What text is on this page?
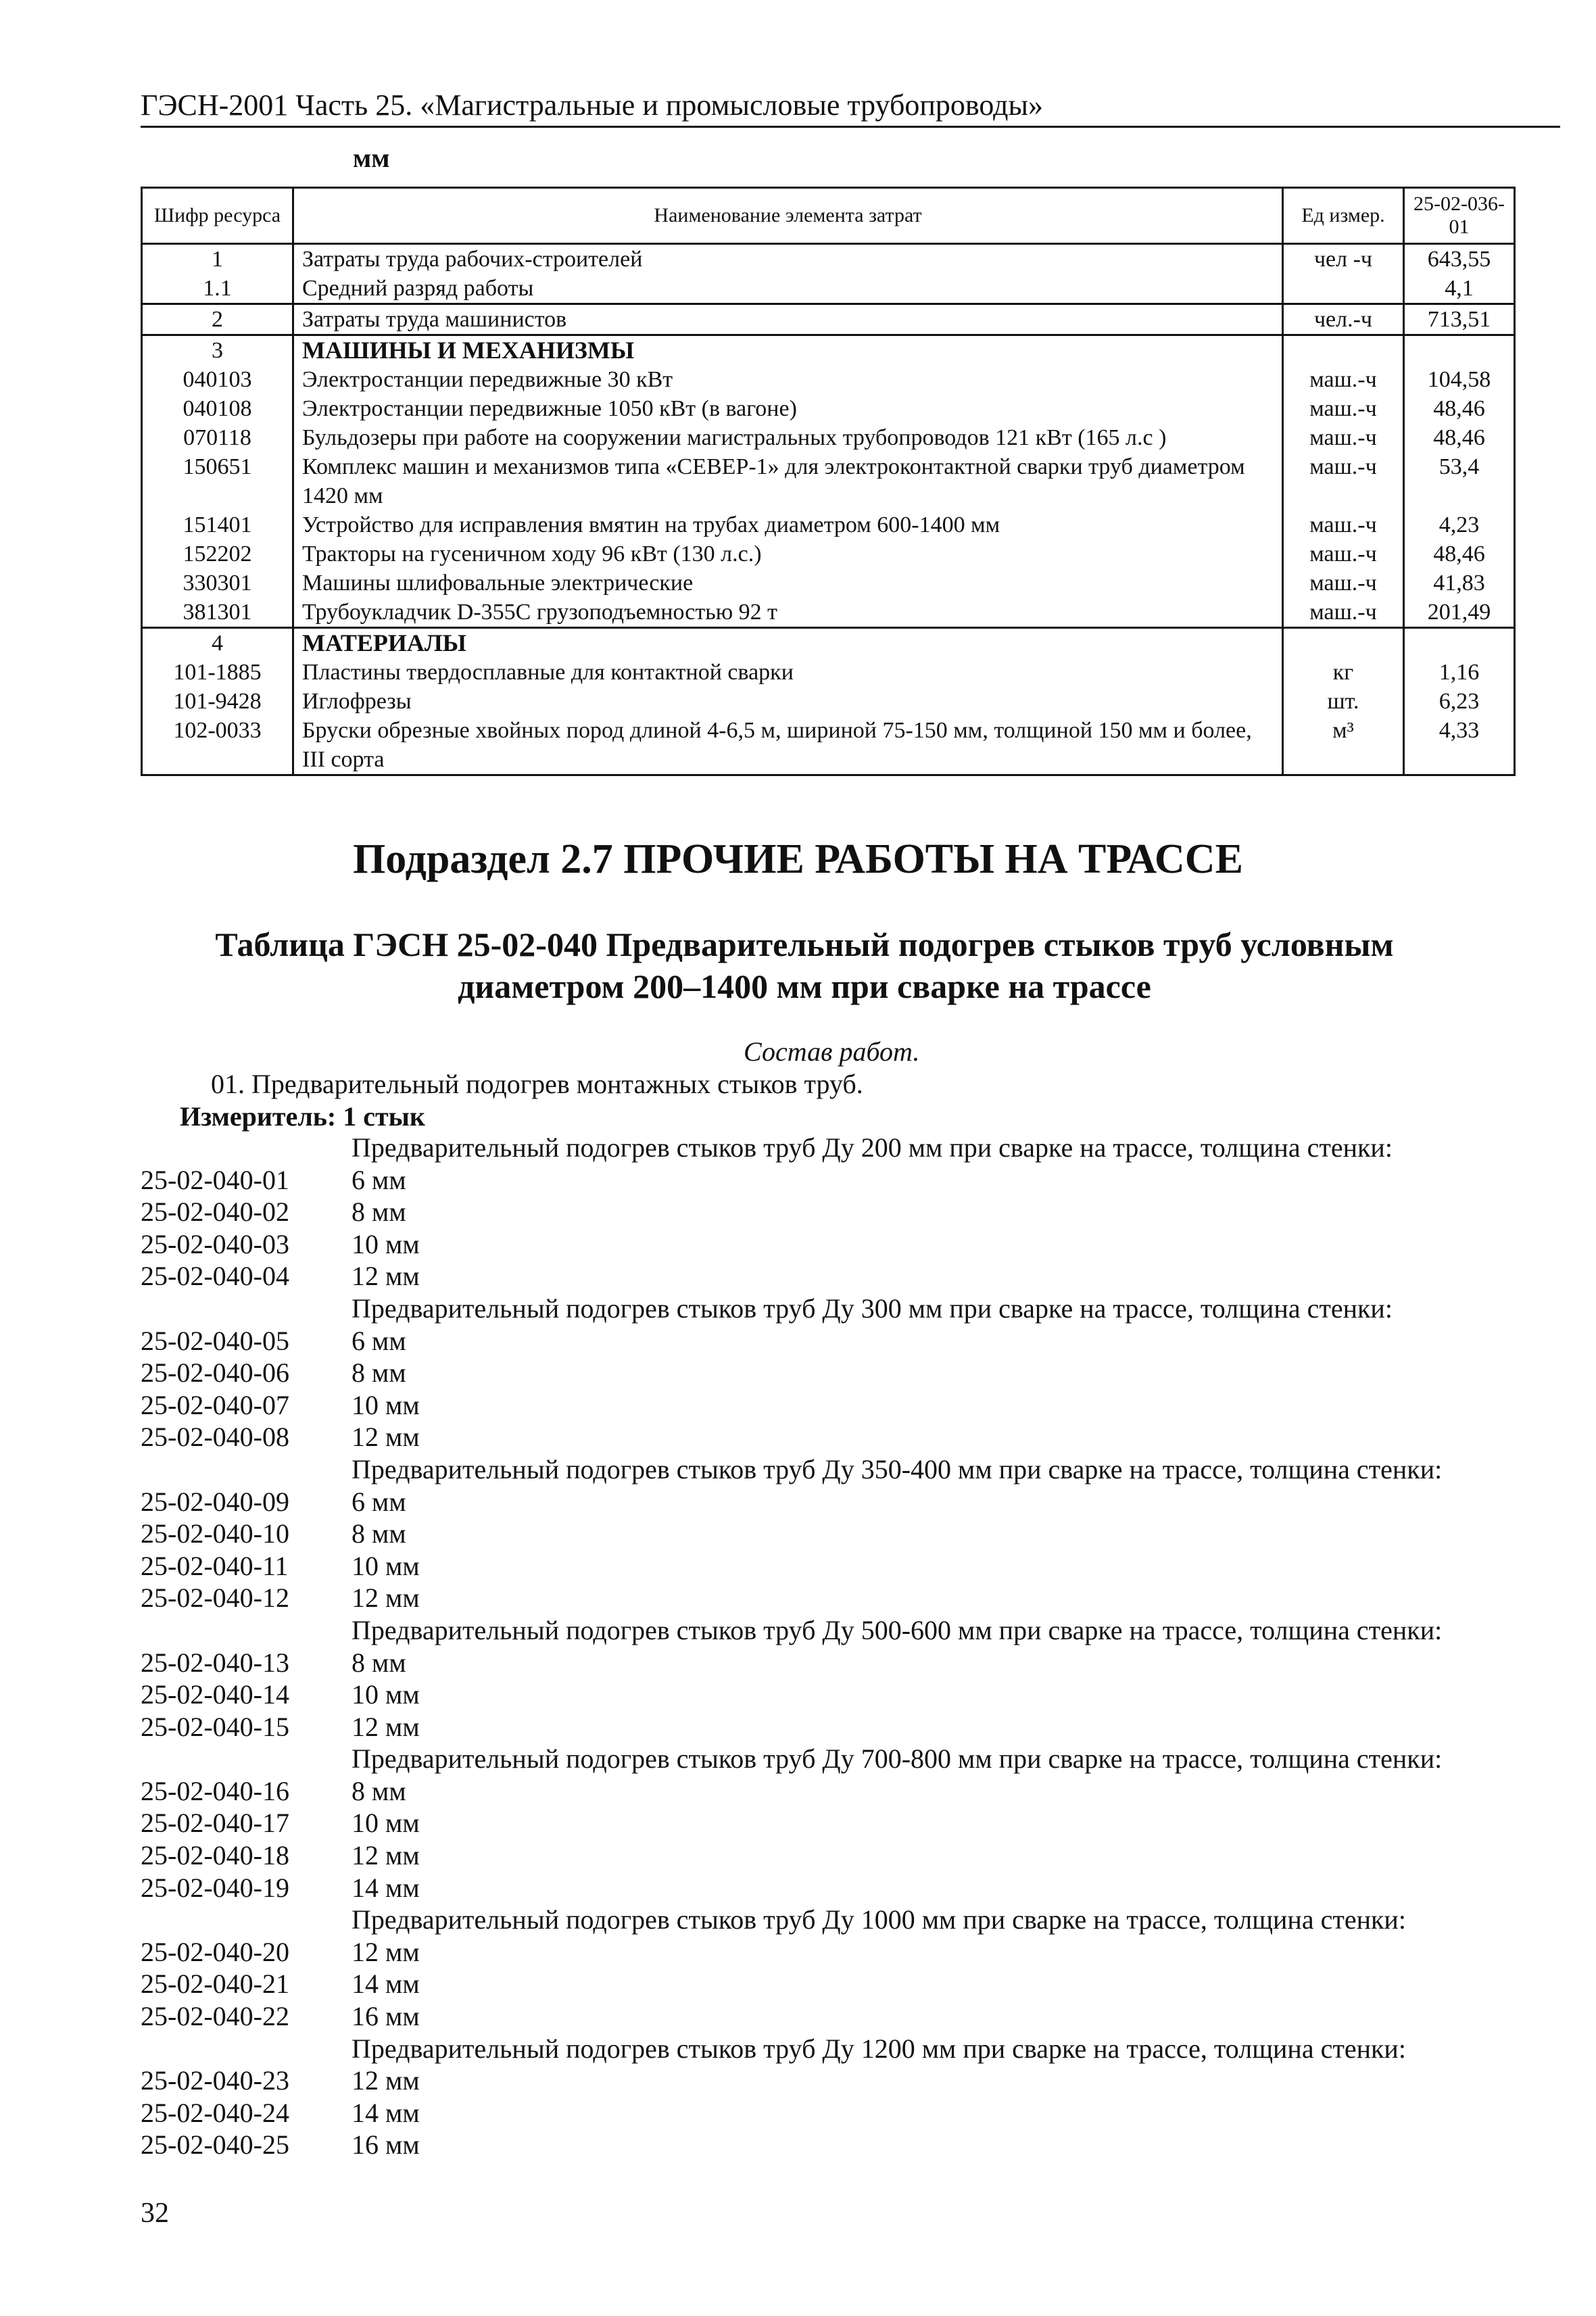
ГЭСН-2001 Часть 25. «Магистральные и промысловые трубопроводы»
мм
Шифр ресурса	Наименование элемента затрат	Ед измер.	25-02-036-01
1	Затраты труда рабочих-строителей	чел -ч	643,55
1.1	Средний разряд работы		4,1
2	Затраты труда машинистов	чел.-ч	713,51
3	МАШИНЫ И МЕХАНИЗМЫ		
040103	Электростанции передвижные 30 кВт	маш.-ч	104,58
040108	Электростанции передвижные 1050 кВт (в вагоне)	маш.-ч	48,46
070118	Бульдозеры при работе на сооружении магистральных трубопроводов 121 кВт (165 л.с )	маш.-ч	48,46
150651	Комплекс машин и механизмов типа «СЕВЕР-1» для электроконтактной сварки труб диаметром 1420 мм	маш.-ч	53,4
151401	Устройство для исправления вмятин на трубах диаметром 600-1400 мм	маш.-ч	4,23
152202	Тракторы на гусеничном ходу 96 кВт (130 л.с.)	маш.-ч	48,46
330301	Машины шлифовальные электрические	маш.-ч	41,83
381301	Трубоукладчик D-355C грузоподъемностью 92 т	маш.-ч	201,49
4	МАТЕРИАЛЫ		
101-1885	Пластины твердосплавные для контактной сварки	кг	1,16
101-9428	Иглофрезы	шт.	6,23
102-0033	Бруски обрезные хвойных пород длиной 4-6,5 м, шириной 75-150 мм, толщиной 150 мм и более, III сорта	м³	4,33
Подраздел 2.7 ПРОЧИЕ РАБОТЫ НА ТРАССЕ
Таблица ГЭСН 25-02-040 Предварительный подогрев стыков труб условным диаметром 200–1400 мм при сварке на трассе
Состав работ.
01. Предварительный подогрев монтажных стыков труб.
Измеритель: 1 стык
Предварительный подогрев стыков труб Ду 200 мм при сварке на трассе, толщина стенки:
25-02-040-01	6 мм
25-02-040-02	8 мм
25-02-040-03	10 мм
25-02-040-04	12 мм
Предварительный подогрев стыков труб Ду 300 мм при сварке на трассе, толщина стенки:
25-02-040-05	6 мм
25-02-040-06	8 мм
25-02-040-07	10 мм
25-02-040-08	12 мм
Предварительный подогрев стыков труб Ду 350-400 мм при сварке на трассе, толщина стенки:
25-02-040-09	6 мм
25-02-040-10	8 мм
25-02-040-11	10 мм
25-02-040-12	12 мм
Предварительный подогрев стыков труб Ду 500-600 мм при сварке на трассе, толщина стенки:
25-02-040-13	8 мм
25-02-040-14	10 мм
25-02-040-15	12 мм
Предварительный подогрев стыков труб Ду 700-800 мм при сварке на трассе, толщина стенки:
25-02-040-16	8 мм
25-02-040-17	10 мм
25-02-040-18	12 мм
25-02-040-19	14 мм
Предварительный подогрев стыков труб Ду 1000 мм при сварке на трассе, толщина стенки:
25-02-040-20	12 мм
25-02-040-21	14 мм
25-02-040-22	16 мм
Предварительный подогрев стыков труб Ду 1200 мм при сварке на трассе, толщина стенки:
25-02-040-23	12 мм
25-02-040-24	14 мм
25-02-040-25	16 мм
32
